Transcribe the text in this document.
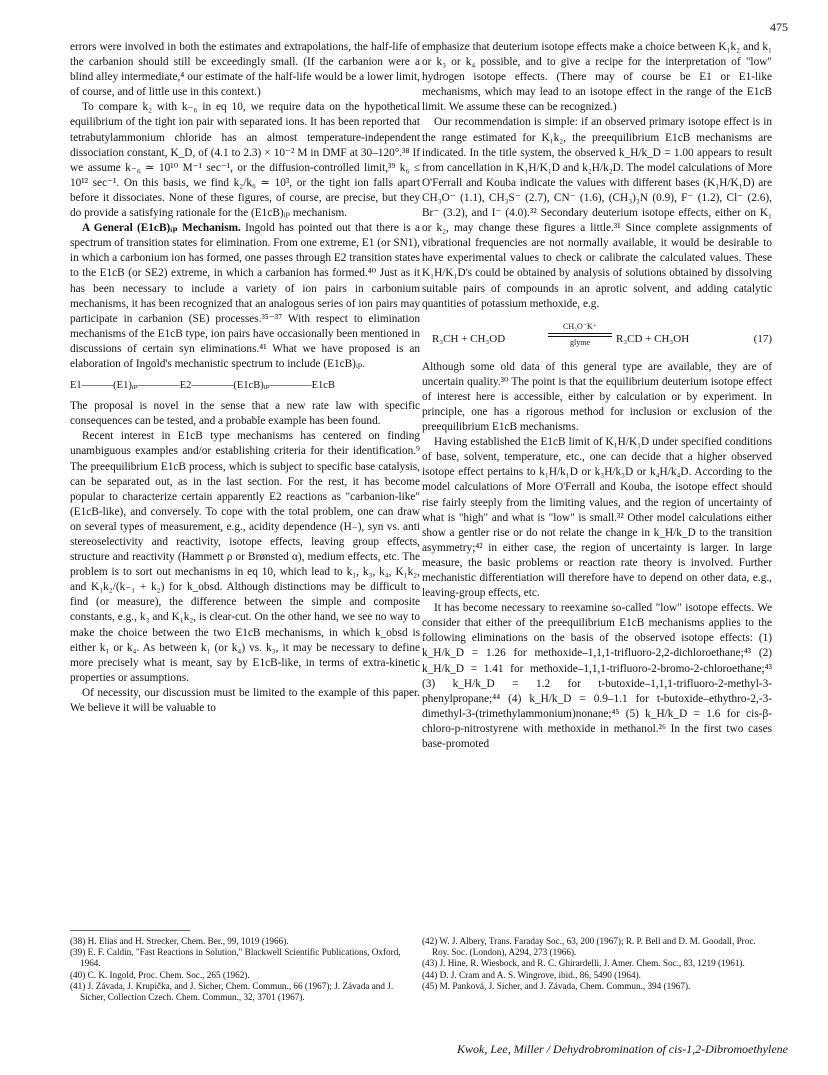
475

errors were involved in both the estimates and extrapolations, the half-life of the carbanion should still be exceedingly small. (If the carbanion were a blind alley intermediate,⁴ our estimate of the half-life would be a lower limit, of course, and of little use in this context.)

To compare k₂ with k₋₆ in eq 10, we require data on the hypothetical equilibrium of the tight ion pair with separated ions. It has been reported that tetrabutylammonium chloride has an almost temperature-independent dissociation constant, K_D, of (4.1 to 2.3) × 10⁻² M in DMF at 30–120°.³⁸ If we assume k₋₆ ≃ 10¹⁰ M⁻¹ sec⁻¹, or the diffusion-controlled limit,³⁹ k₆ ≤ 10¹² sec⁻¹. On this basis, we find k₂/k₆ ≃ 10³, or the tight ion falls apart before it dissociates. None of these figures, of course, are precise, but they do provide a satisfying rationale for the (E1cB)ᵢₚ mechanism.

A General (E1cB)ᵢₚ Mechanism. Ingold has pointed out that there is a spectrum of transition states for elimination. From one extreme, E1 (or SN1), in which a carbonium ion has formed, one passes through E2 transition states to the E1cB (or SE2) extreme, in which a carbanion has formed.⁴⁰ Just as it has been necessary to include a variety of ion pairs in carbonium mechanisms, it has been recognized that an analogous series of ion pairs may participate in carbanion (SE) processes.³⁵⁻³⁷ With respect to elimination mechanisms of the E1cB type, ion pairs have occasionally been mentioned in discussions of certain syn eliminations.⁴¹ What we have proposed is an elaboration of Ingold's mechanistic spectrum to include (E1cB)ᵢₚ.

E1———(E1)ᵢₚ————E2————(E1cB)ᵢₚ————E1cB

The proposal is novel in the sense that a new rate law with specific consequences can be tested, and a probable example has been found.

Recent interest in E1cB type mechanisms has centered on finding unambiguous examples and/or establishing criteria for their identification.⁹ The preequilibrium E1cB process, which is subject to specific base catalysis, can be separated out, as in the last section. For the rest, it has become popular to characterize certain apparently E2 reactions as "carbanion-like" (E1cB-like), and conversely. To cope with the total problem, one can draw on several types of measurement, e.g., acidity dependence (H₋), syn vs. anti stereoselectivity and reactivity, isotope effects, leaving group effects, structure and reactivity (Hammett ρ or Brønsted α), medium effects, etc. The problem is to sort out mechanisms in eq 10, which lead to k₁, k₃, k₄, K₁k₂, and K₁k₂/(k₋₁ + k₂) for k_obsd. Although distinctions may be difficult to find (or measure), the difference between the simple and composite constants, e.g., k₃ and K₁k₂, is clear-cut. On the other hand, we see no way to make the choice between the two E1cB mechanisms, in which k_obsd is either k₁ or k₄. As between k₁ (or k₄) vs. k₃, it may be necessary to define more precisely what is meant, say by E1cB-like, in terms of extra-kinetic properties or assumptions.

Of necessity, our discussion must be limited to the example of this paper. We believe it will be valuable to

emphasize that deuterium isotope effects make a choice between K₁k₂ and k₁ or k₃ or k₄ possible, and to give a recipe for the interpretation of "low" hydrogen isotope effects. (There may of course be E1 or E1-like mechanisms, which may lead to an isotope effect in the range of the E1cB limit. We assume these can be recognized.)

Our recommendation is simple: if an observed primary isotope effect is in the range estimated for K₁k₂, the preequilibrium E1cB mechanisms are indicated. In the title system, the observed k_H/k_D = 1.00 appears to result from cancellation in K₁H/K₁D and k₂H/k₂D. The model calculations of More O'Ferrall and Kouba indicate the values with different bases (K₁H/K₁D) are CH₃O⁻ (1.1), CH₃S⁻ (2.7), CN⁻ (1.6), (CH₃)₃N (0.9), F⁻ (1.2), Cl⁻ (2.6), Br⁻ (3.2), and I⁻ (4.0).³² Secondary deuterium isotope effects, either on K₁ or k₂, may change these figures a little.³¹ Since complete assignments of vibrational frequencies are not normally available, it would be desirable to have experimental values to check or calibrate the calculated values. These K₁H/K₁D's could be obtained by analysis of solutions obtained by dissolving suitable pairs of compounds in an aprotic solvent, and adding catalytic quantities of potassium methoxide, e.g.

R₃CH + CH₃OD
CH₃O⁻K⁺
glyme	R₃CD + CH₃OH	(17)

Although some old data of this general type are available, they are of uncertain quality.³⁰ The point is that the equilibrium deuterium isotope effect of interest here is accessible, either by calculation or by experiment. In principle, one has a rigorous method for inclusion or exclusion of the preequilibrium E1cB mechanisms.

Having established the E1cB limit of K₁H/K₁D under specified conditions of base, solvent, temperature, etc., one can decide that a higher observed isotope effect pertains to k₁H/k₁D or k₃H/k₃D or k₄H/k₄D. According to the model calculations of More O'Ferrall and Kouba, the isotope effect should rise fairly steeply from the limiting values, and the region of uncertainty of what is "high" and what is "low" is small.³² Other model calculations either show a gentler rise or do not relate the change in k_H/k_D to the transition asymmetry;⁴² in either case, the region of uncertainty is larger. In large measure, the basic problems or reaction rate theory is involved. Further mechanistic differentiation will therefore have to depend on other data, e.g., leaving-group effects, etc.

It has become necessary to reexamine so-called "low" isotope effects. We consider that either of the preequilibrium E1cB mechanisms applies to the following eliminations on the basis of the observed isotope effects: (1) k_H/k_D = 1.26 for methoxide–1,1,1-trifluoro-2,2-dichloroethane;⁴³ (2) k_H/k_D = 1.41 for methoxide–1,1,1-trifluoro-2-bromo-2-chloroethane;⁴³ (3) k_H/k_D = 1.2 for t-butoxide–1,1,1-trifluoro-2-methyl-3-phenylpropane;⁴⁴ (4) k_H/k_D = 0.9–1.1 for t-butoxide–ethythro-2,-3-dimethyl-3-(trimethylammonium)nonane;⁴⁵ (5) k_H/k_D = 1.6 for cis-β-chloro-p-nitrostyrene with methoxide in methanol.²⁶ In the first two cases base-promoted

(38) H. Elias and H. Strecker, Chem. Ber., 99, 1019 (1966).
(39) E. F. Caldin, "Fast Reactions in Solution," Blackwell Scientific Publications, Oxford, 1964.
(40) C. K. Ingold, Proc. Chem. Soc., 265 (1962).
(41) J. Závada, J. Krupička, and J. Sicher, Chem. Commun., 66 (1967); J. Závada and J. Sicher, Collection Czech. Chem. Commun., 32, 3701 (1967).
(42) W. J. Albery, Trans. Faraday Soc., 63, 200 (1967); R. P. Bell and D. M. Goodall, Proc. Roy. Soc. (London), A294, 273 (1966).
(43) J. Hine, R. Wiesbock, and R. C. Ghirardelli, J. Amer. Chem. Soc., 83, 1219 (1961).
(44) D. J. Cram and A. S. Wingrove, ibid., 86, 5490 (1964).
(45) M. Panková, J. Sicher, and J. Závada, Chem. Commun., 394 (1967).
Kwok, Lee, Miller / Dehydrobromination of cis-1,2-Dibromoethylene
